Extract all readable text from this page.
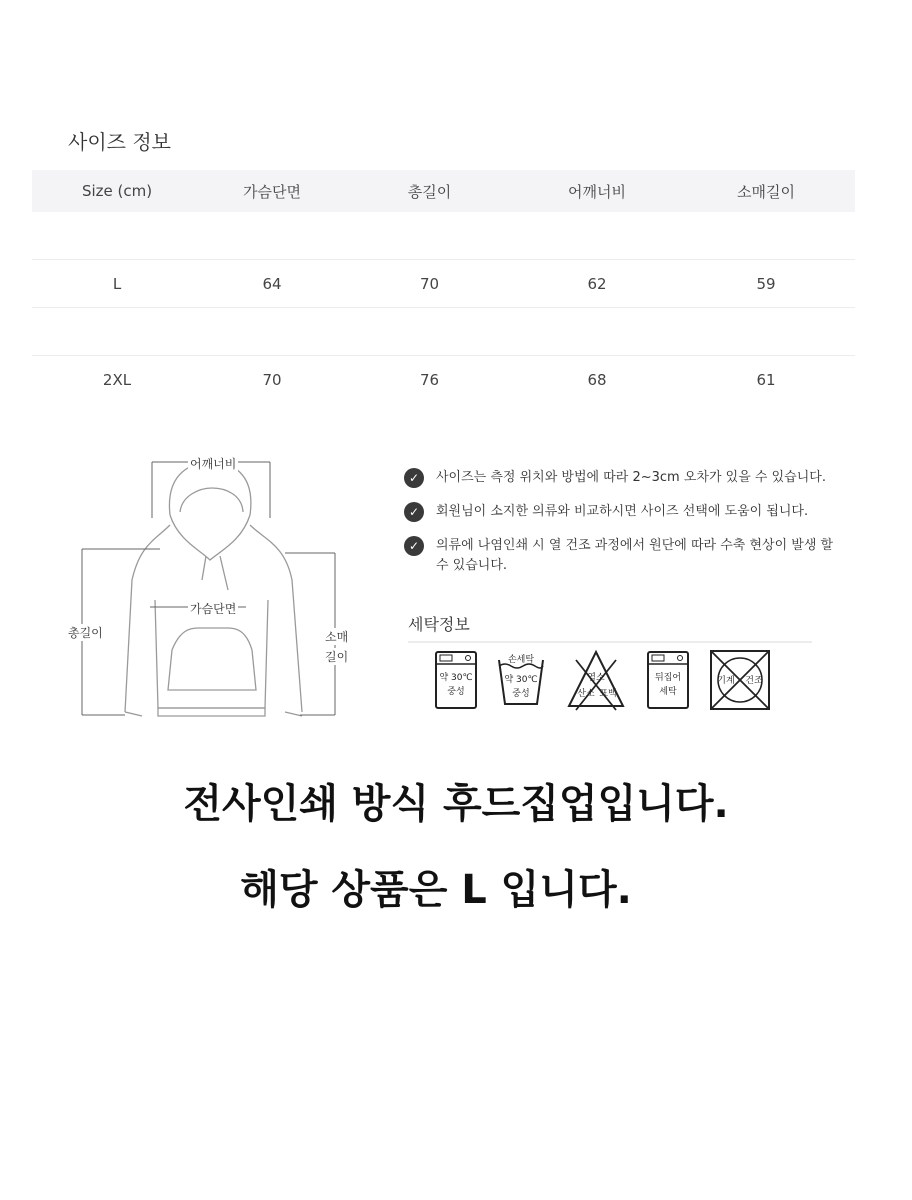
사이즈 정보
Size (cm)	가슴단면	총길이	어깨너비	소매길이
L	64	70	62	59
2XL	70	76	68	61
어깨너비
가슴단면
총길이	소매
길이
✓	사이즈는 측정 위치와 방법에 따라 2~3cm 오차가 있을 수 있습니다.
✓	회원님이 소지한 의류와 비교하시면 사이즈 선택에 도움이 됩니다.
✓	의류에 나염인쇄 시 열 건조 과정에서 원단에 따라 수축 현상이 발생 할 수 있습니다.
세탁정보
약 30℃
중성
손세탁
약 30℃
중성
염소
산소 표백
뒤집어
세탁
기계	건조
전사인쇄 방식 후드집업입니다.
해당 상품은 L 입니다.
